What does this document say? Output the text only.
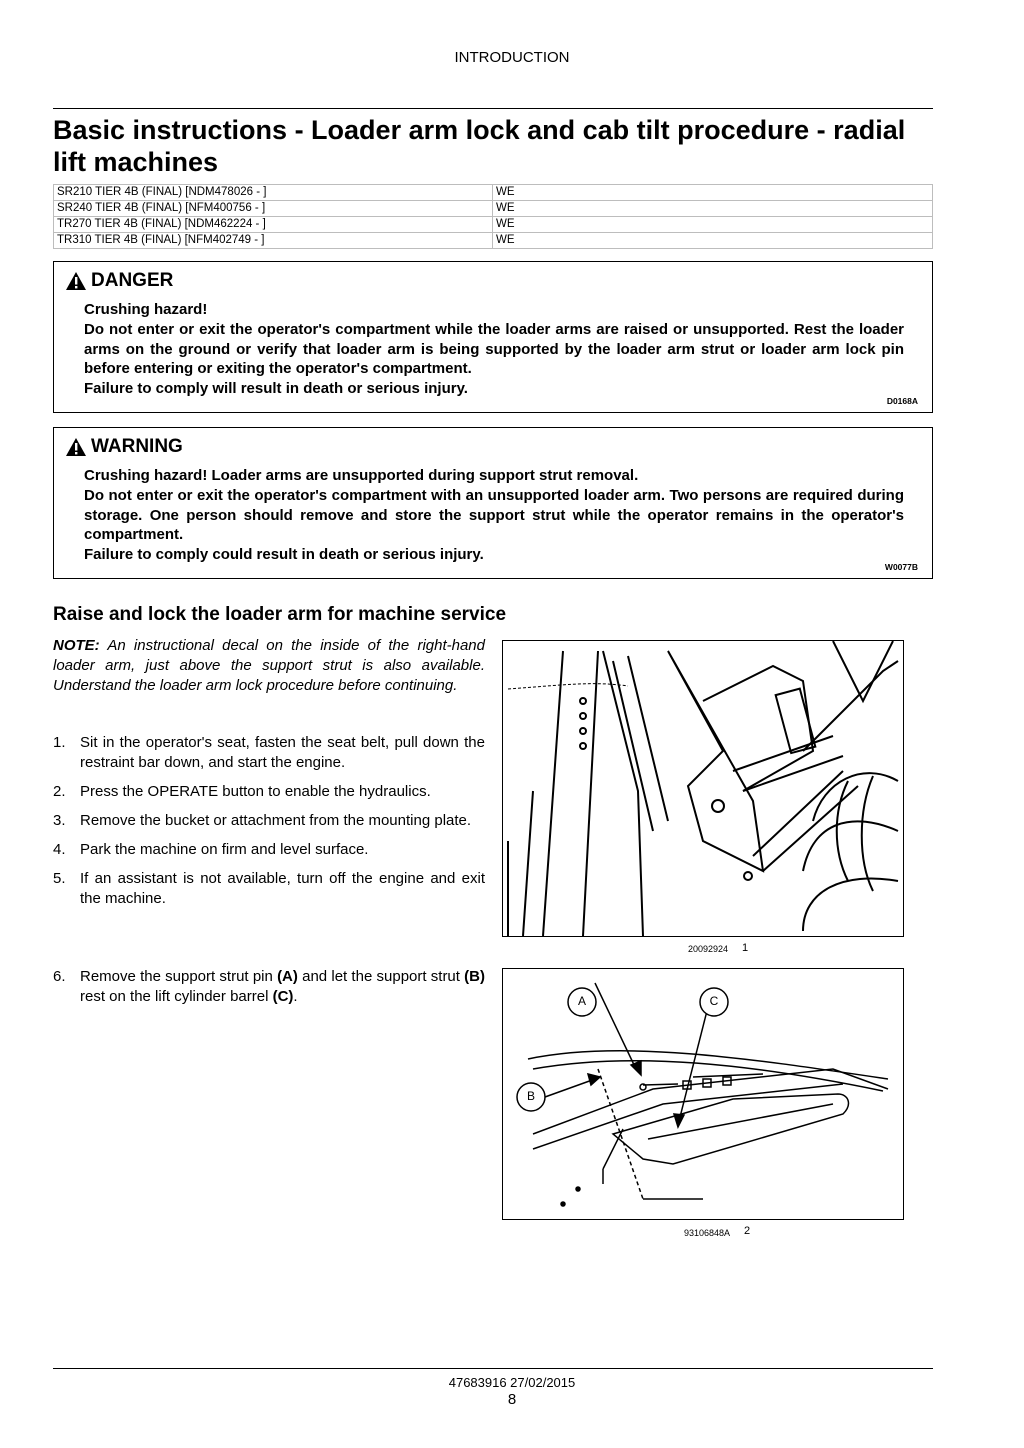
INTRODUCTION
Basic instructions - Loader arm lock and cab tilt procedure - radial lift machines
SR210 TIER 4B (FINAL) [NDM478026 - ]	WE
SR240 TIER 4B (FINAL) [NFM400756 - ]	WE
TR270 TIER 4B (FINAL) [NDM462224 - ]	WE
TR310 TIER 4B (FINAL) [NFM402749 - ]	WE
DANGER
Crushing hazard!
Do not enter or exit the operator's compartment while the loader arms are raised or unsupported. Rest the loader arms on the ground or verify that loader arm is being supported by the loader arm strut or loader arm lock pin before entering or exiting the operator's compartment.
Failure to comply will result in death or serious injury.
D0168A
WARNING
Crushing hazard! Loader arms are unsupported during support strut removal.
Do not enter or exit the operator's compartment with an unsupported loader arm. Two persons are required during storage. One person should remove and store the support strut while the operator remains in the operator's compartment.
Failure to comply could result in death or serious injury.
W0077B
Raise and lock the loader arm for machine service
NOTE: An instructional decal on the inside of the right-hand loader arm, just above the support strut is also available. Understand the loader arm lock procedure before continuing.
1. Sit in the operator's seat, fasten the seat belt, pull down the restraint bar down, and start the engine.
2. Press the OPERATE button to enable the hydraulics.
3. Remove the bucket or attachment from the mounting plate.
4. Park the machine on firm and level surface.
5. If an assistant is not available, turn off the engine and exit the machine.
6. Remove the support strut pin (A) and let the support strut (B) rest on the lift cylinder barrel (C).
20092924 1
A	C
B
93106848A 2
47683916 27/02/2015
8
